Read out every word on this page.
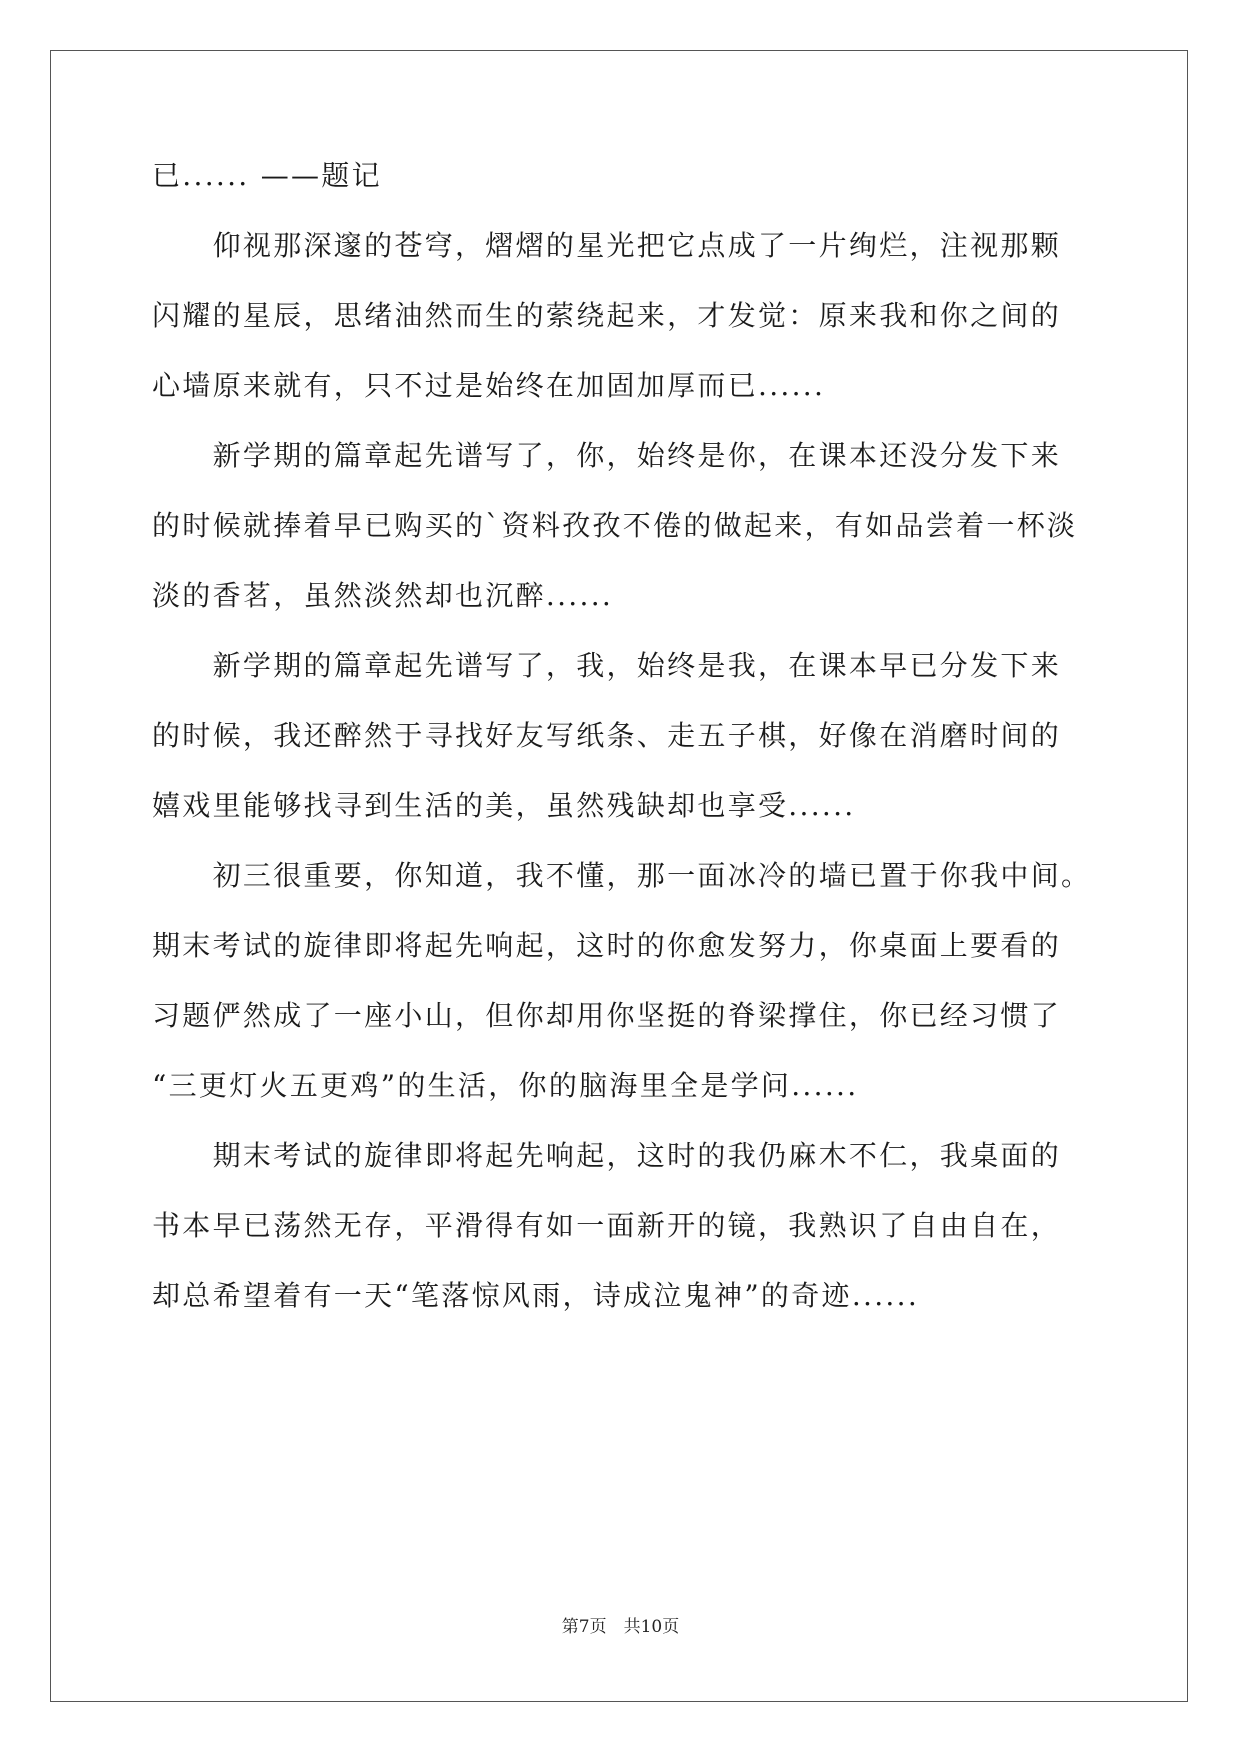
已...... ——题记
　　仰视那深邃的苍穹，熠熠的星光把它点成了一片绚烂，注视那颗
闪耀的星辰，思绪油然而生的萦绕起来，才发觉：原来我和你之间的
心墙原来就有，只不过是始终在加固加厚而已......
　　新学期的篇章起先谱写了，你，始终是你，在课本还没分发下来
的时候就捧着早已购买的`资料孜孜不倦的做起来，有如品尝着一杯淡
淡的香茗，虽然淡然却也沉醉......
　　新学期的篇章起先谱写了，我，始终是我，在课本早已分发下来
的时候，我还醉然于寻找好友写纸条、走五子棋，好像在消磨时间的
嬉戏里能够找寻到生活的美，虽然残缺却也享受......
　　初三很重要，你知道，我不懂，那一面冰冷的墙已置于你我中间。
期末考试的旋律即将起先响起，这时的你愈发努力，你桌面上要看的
习题俨然成了一座小山，但你却用你坚挺的脊梁撑住，你已经习惯了
“三更灯火五更鸡”的生活，你的脑海里全是学问......
　　期末考试的旋律即将起先响起，这时的我仍麻木不仁，我桌面的
书本早已荡然无存，平滑得有如一面新开的镜，我熟识了自由自在，
却总希望着有一天“笔落惊风雨，诗成泣鬼神”的奇迹......
第7页　共10页
